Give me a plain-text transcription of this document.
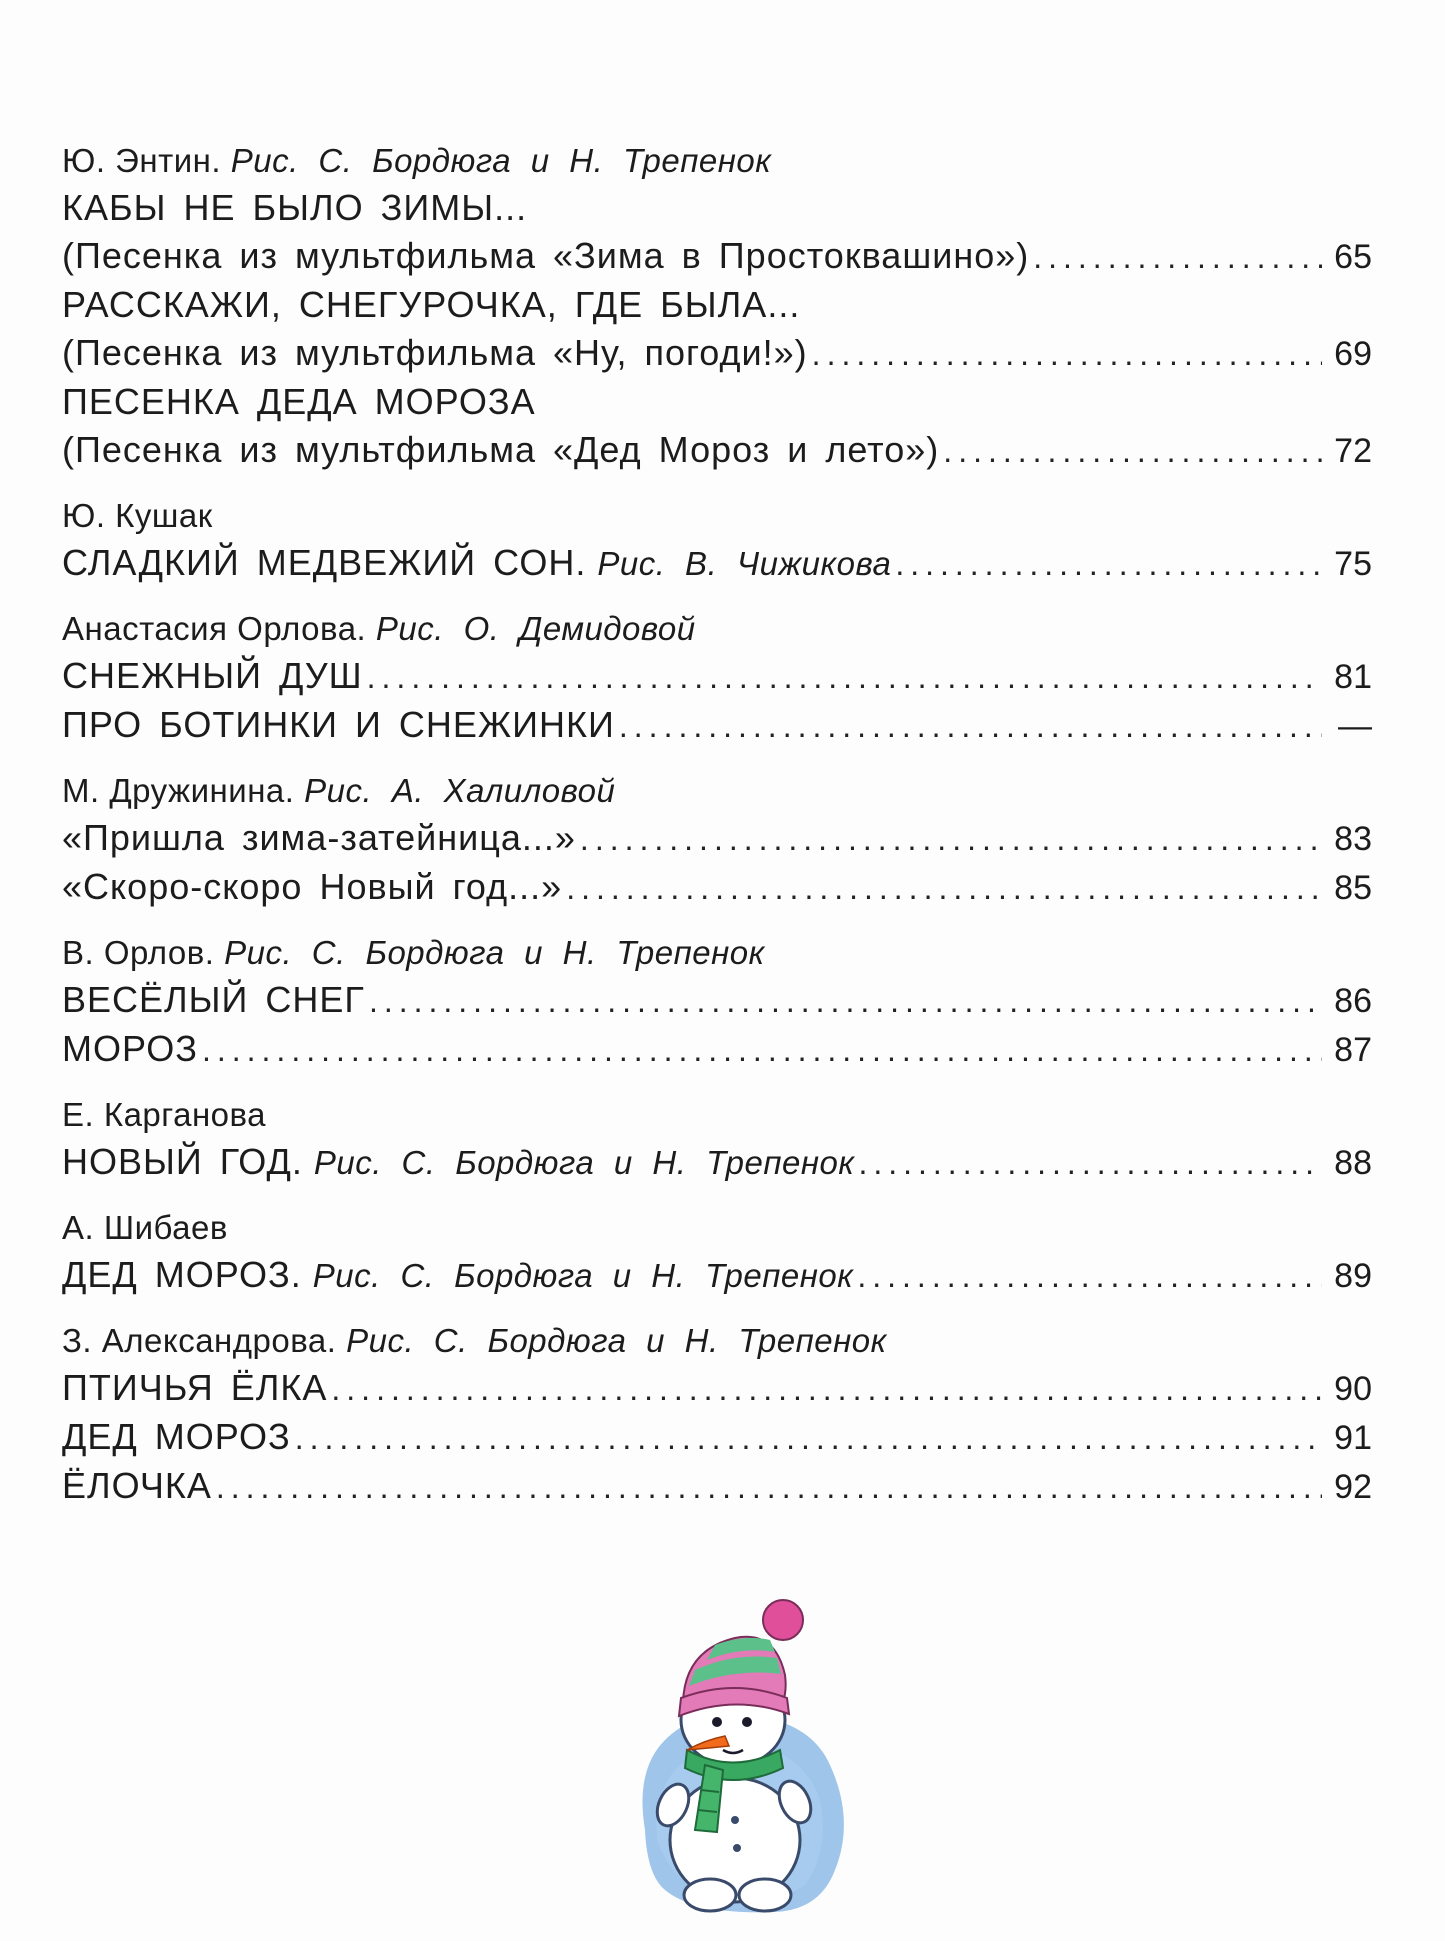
Ю. Энтин. Рис. С. Бордюга и Н. Трепенок
КАБЫ НЕ БЫЛО ЗИМЫ...
(Песенка из мультфильма «Зима в Простоквашино») .....	65
РАССКАЖИ, СНЕГУРОЧКА, ГДЕ БЫЛА...
(Песенка из мультфильма «Ну, погоди!») .....	69
ПЕСЕНКА ДЕДА МОРОЗА
(Песенка из мультфильма «Дед Мороз и лето») .....	72
Ю. Кушак
СЛАДКИЙ МЕДВЕЖИЙ СОН.
Рис. В. Чижикова .....	75
Анастасия Орлова. Рис. О. Демидовой
СНЕЖНЫЙ ДУШ .....	81
ПРО БОТИНКИ И СНЕЖИНКИ .....	—
М. Дружинина. Рис. А. Халиловой
«Пришла зима-затейница...» .....	83
«Скоро-скоро Новый год...» .....	85
В. Орлов. Рис. С. Бордюга и Н. Трепенок
ВЕСЁЛЫЙ СНЕГ .....	86
МОРОЗ .....	87
Е. Карганова
НОВЫЙ ГОД.
Рис. С. Бордюга и Н. Трепенок .....	88
А. Шибаев
ДЕД МОРОЗ.
Рис. С. Бордюга и Н. Трепенок .....	89
З. Александрова. Рис. С. Бордюга и Н. Трепенок
ПТИЧЬЯ ЁЛКА .....	90
ДЕД МОРОЗ .....	91
ЁЛОЧКА .....	92
